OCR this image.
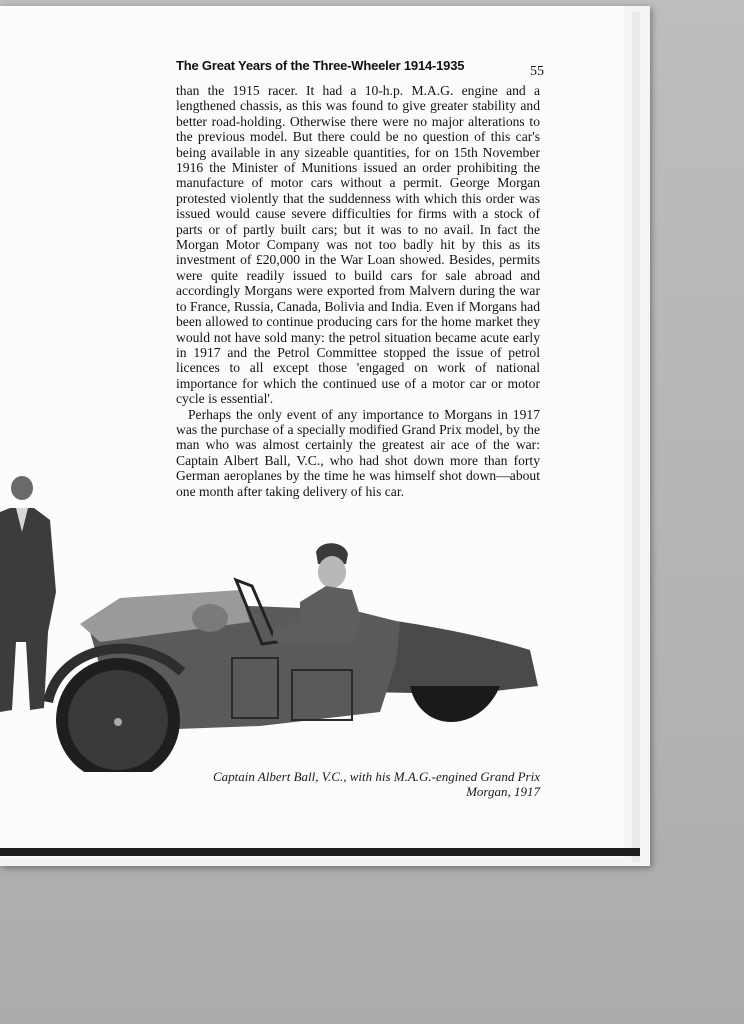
The Great Years of the Three-Wheeler 1914-1935	55

than the 1915 racer. It had a 10-h.p. M.A.G. engine and a lengthened chassis, as this was found to give greater stability and better road-holding. Otherwise there were no major alterations to the previous model. But there could be no question of this car's being available in any sizeable quantities, for on 15th November 1916 the Minister of Munitions issued an order prohibiting the manufacture of motor cars without a permit. George Morgan protested violently that the suddenness with which this order was issued would cause severe difficulties for firms with a stock of parts or of partly built cars; but it was to no avail. In fact the Morgan Motor Company was not too badly hit by this as its investment of £20,000 in the War Loan showed. Besides, permits were quite readily issued to build cars for sale abroad and accordingly Morgans were exported from Malvern during the war to France, Russia, Canada, Bolivia and India. Even if Morgans had been allowed to continue producing cars for the home market they would not have sold many: the petrol situation became acute early in 1917 and the Petrol Committee stopped the issue of petrol licences to all except those 'engaged on work of national importance for which the continued use of a motor car or motor cycle is essential'.

Perhaps the only event of any importance to Morgans in 1917 was the purchase of a specially modified Grand Prix model, by the man who was almost certainly the greatest air ace of the war: Captain Albert Ball, V.C., who had shot down more than forty German aeroplanes by the time he was himself shot down—about one month after taking delivery of his car.

Captain Albert Ball, V.C., with his M.A.G.-engined Grand Prix
Morgan, 1917
